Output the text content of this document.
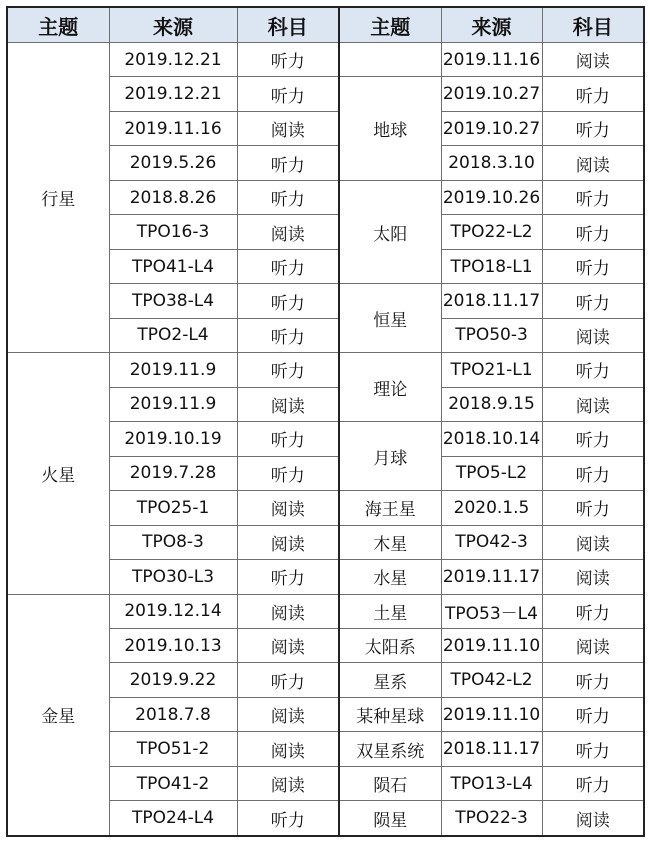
主题	来源	科目	主题	来源	科目
行星	2019.12.21	听力		2019.11.16	阅读
	2019.12.21	听力	地球	2019.10.27	听力
	2019.11.16	阅读		2019.10.27	听力
	2019.5.26	听力		2018.3.10	阅读
	2018.8.26	听力	太阳	2019.10.26	听力
	TPO16-3	阅读		TPO22-L2	听力
	TPO41-L4	听力		TPO18-L1	听力
	TPO38-L4	听力	恒星	2018.11.17	听力
	TPO2-L4	听力		TPO50-3	阅读
火星	2019.11.9	听力	理论	TPO21-L1	听力
	2019.11.9	阅读		2018.9.15	阅读
	2019.10.19	听力	月球	2018.10.14	听力
	2019.7.28	听力		TPO5-L2	听力
	TPO25-1	阅读	海王星	2020.1.5	听力
	TPO8-3	阅读	木星	TPO42-3	阅读
	TPO30-L3	听力	水星	2019.11.17	阅读
金星	2019.12.14	阅读	土星	TPO53－L4	听力
	2019.10.13	阅读	太阳系	2019.11.10	阅读
	2019.9.22	听力	星系	TPO42-L2	听力
	2018.7.8	阅读	某种星球	2019.11.10	听力
	TPO51-2	阅读	双星系统	2018.11.17	听力
	TPO41-2	阅读	陨石	TPO13-L4	听力
	TPO24-L4	听力	陨星	TPO22-3	阅读
